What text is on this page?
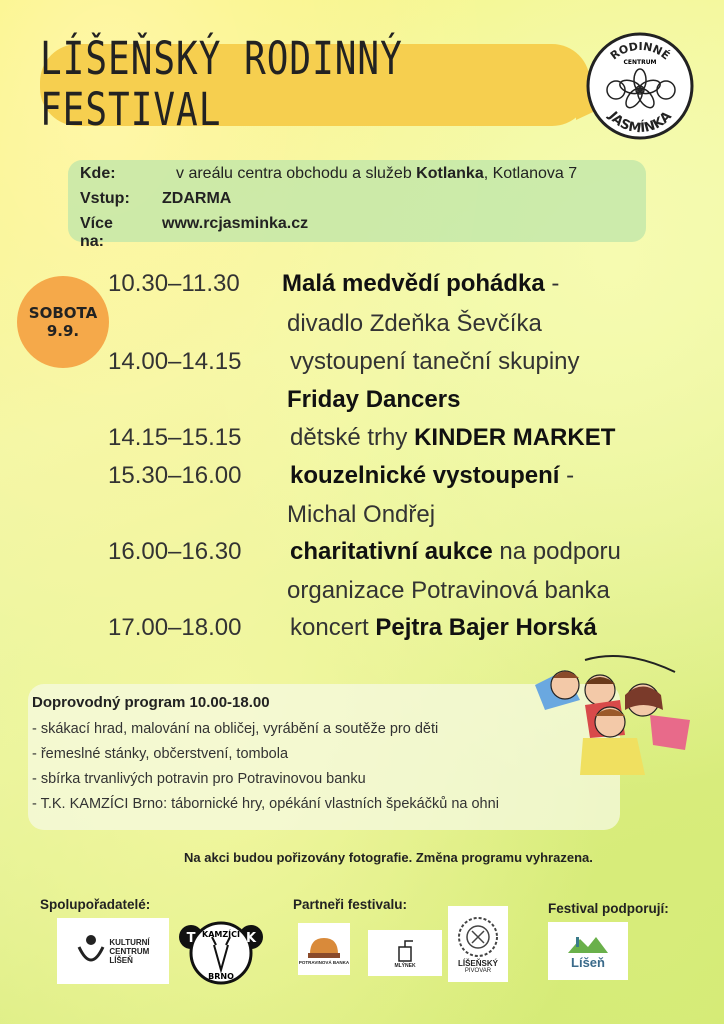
LÍŠEŇSKÝ RODINNÝ FESTIVAL
RODINNÉ
CENTRUM
JASMÍNKA
Kde:	v areálu centra obchodu a služeb Kotlanka, Kotlanova 7
Vstup: ZDARMA
Více na:
www.rcjasminka.cz
SOBOTA
9.9.
10.30–11.30 Malá medvědí pohádka -
divadlo Zdeňka Ševčíka
14.00–14.15 vystoupení taneční skupiny
Friday Dancers
14.15–15.15 dětské trhy KINDER MARKET
15.30–16.00 kouzelnické vystoupení -
Michal Ondřej
16.00–16.30 charitativní aukce na podporu
organizace Potravinová banka
17.00–18.00 koncert Pejtra Bajer Horská
Doprovodný program 10.00-18.00
- skákací hrad, malování na obličej, vyrábění a soutěže pro děti
- řemeslné stánky, občerstvení, tombola
- sbírka trvanlivých potravin pro Potravinovou banku
- T.K. KAMZÍCI Brno: tábornické hry, opékání vlastních špekáčků na ohni
Na akci budou pořizovány fotografie. Změna programu vyhrazena.
Spolupořadatelé:	Partneři festivalu:	Festival podporují:
KULTURNÍ
CENTRUM
LÍŠEŇ
T	K
KAMZÍCI
BRNO
POTRAVINOVÁ BANKA
MLÝNEK	LÍŠEŇSKÝ
PIVOVAR
Líšeň
